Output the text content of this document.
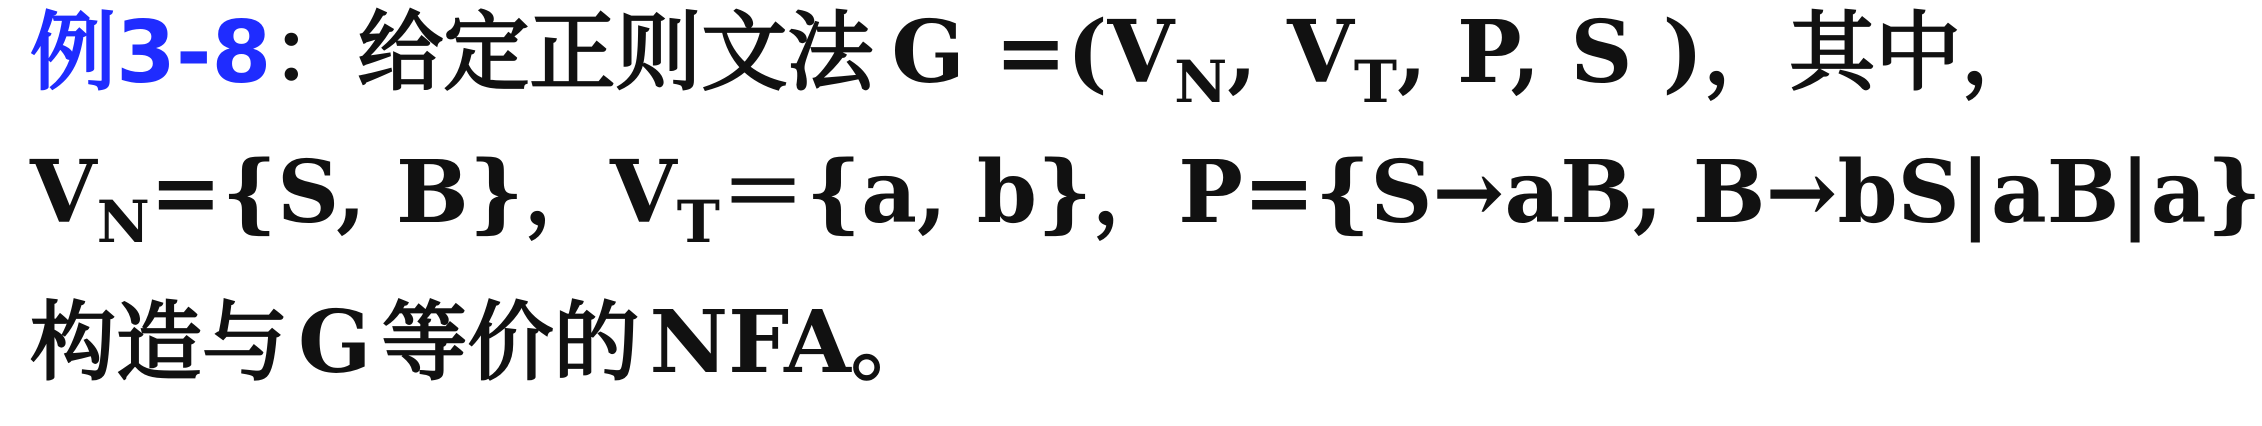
例3-8：给定正则文法 $G =(V_N$, $V_T$, P, S )，其中，
$V_N=\{S$, B}，$V_T=\{a$, b}，P={S→aB, B→bS|aB|a}
构造与 G 等价的 NFA。
